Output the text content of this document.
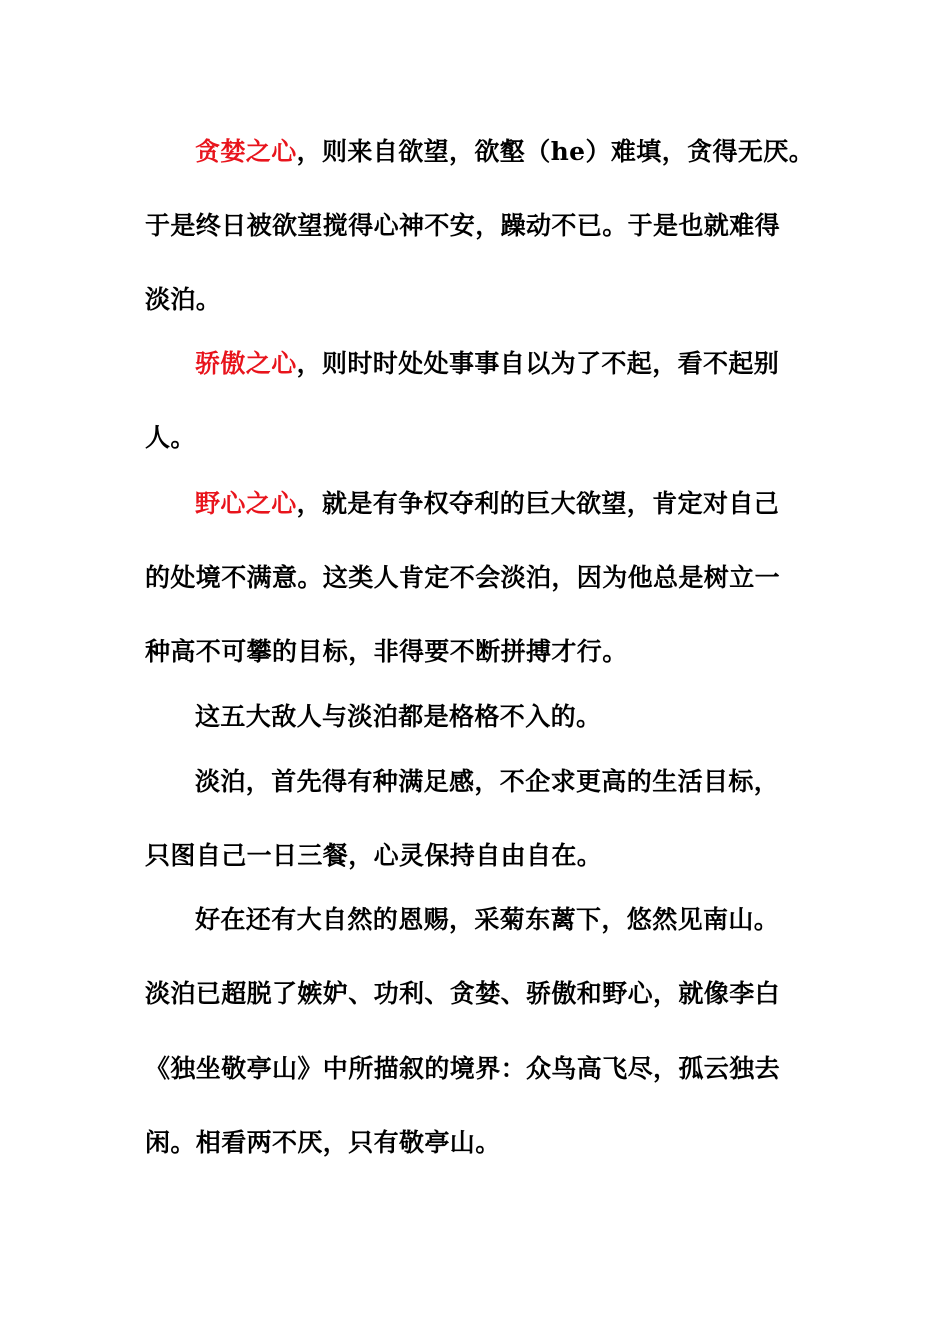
贪婪之心，则来自欲望，欲壑（he）难填，贪得无厌。
于是终日被欲望搅得心神不安，躁动不已。于是也就难得
淡泊。
骄傲之心，则时时处处事事自以为了不起，看不起别
人。
野心之心，就是有争权夺利的巨大欲望，肯定对自己
的处境不满意。这类人肯定不会淡泊，因为他总是树立一
种高不可攀的目标，非得要不断拼搏才行。
这五大敌人与淡泊都是格格不入的。
淡泊，首先得有种满足感，不企求更高的生活目标，
只图自己一日三餐，心灵保持自由自在。
好在还有大自然的恩赐，采菊东蓠下，悠然见南山。
淡泊已超脱了嫉妒、功利、贪婪、骄傲和野心，就像李白
《独坐敬亭山》中所描叙的境界：众鸟高飞尽，孤云独去
闲。相看两不厌，只有敬亭山。
